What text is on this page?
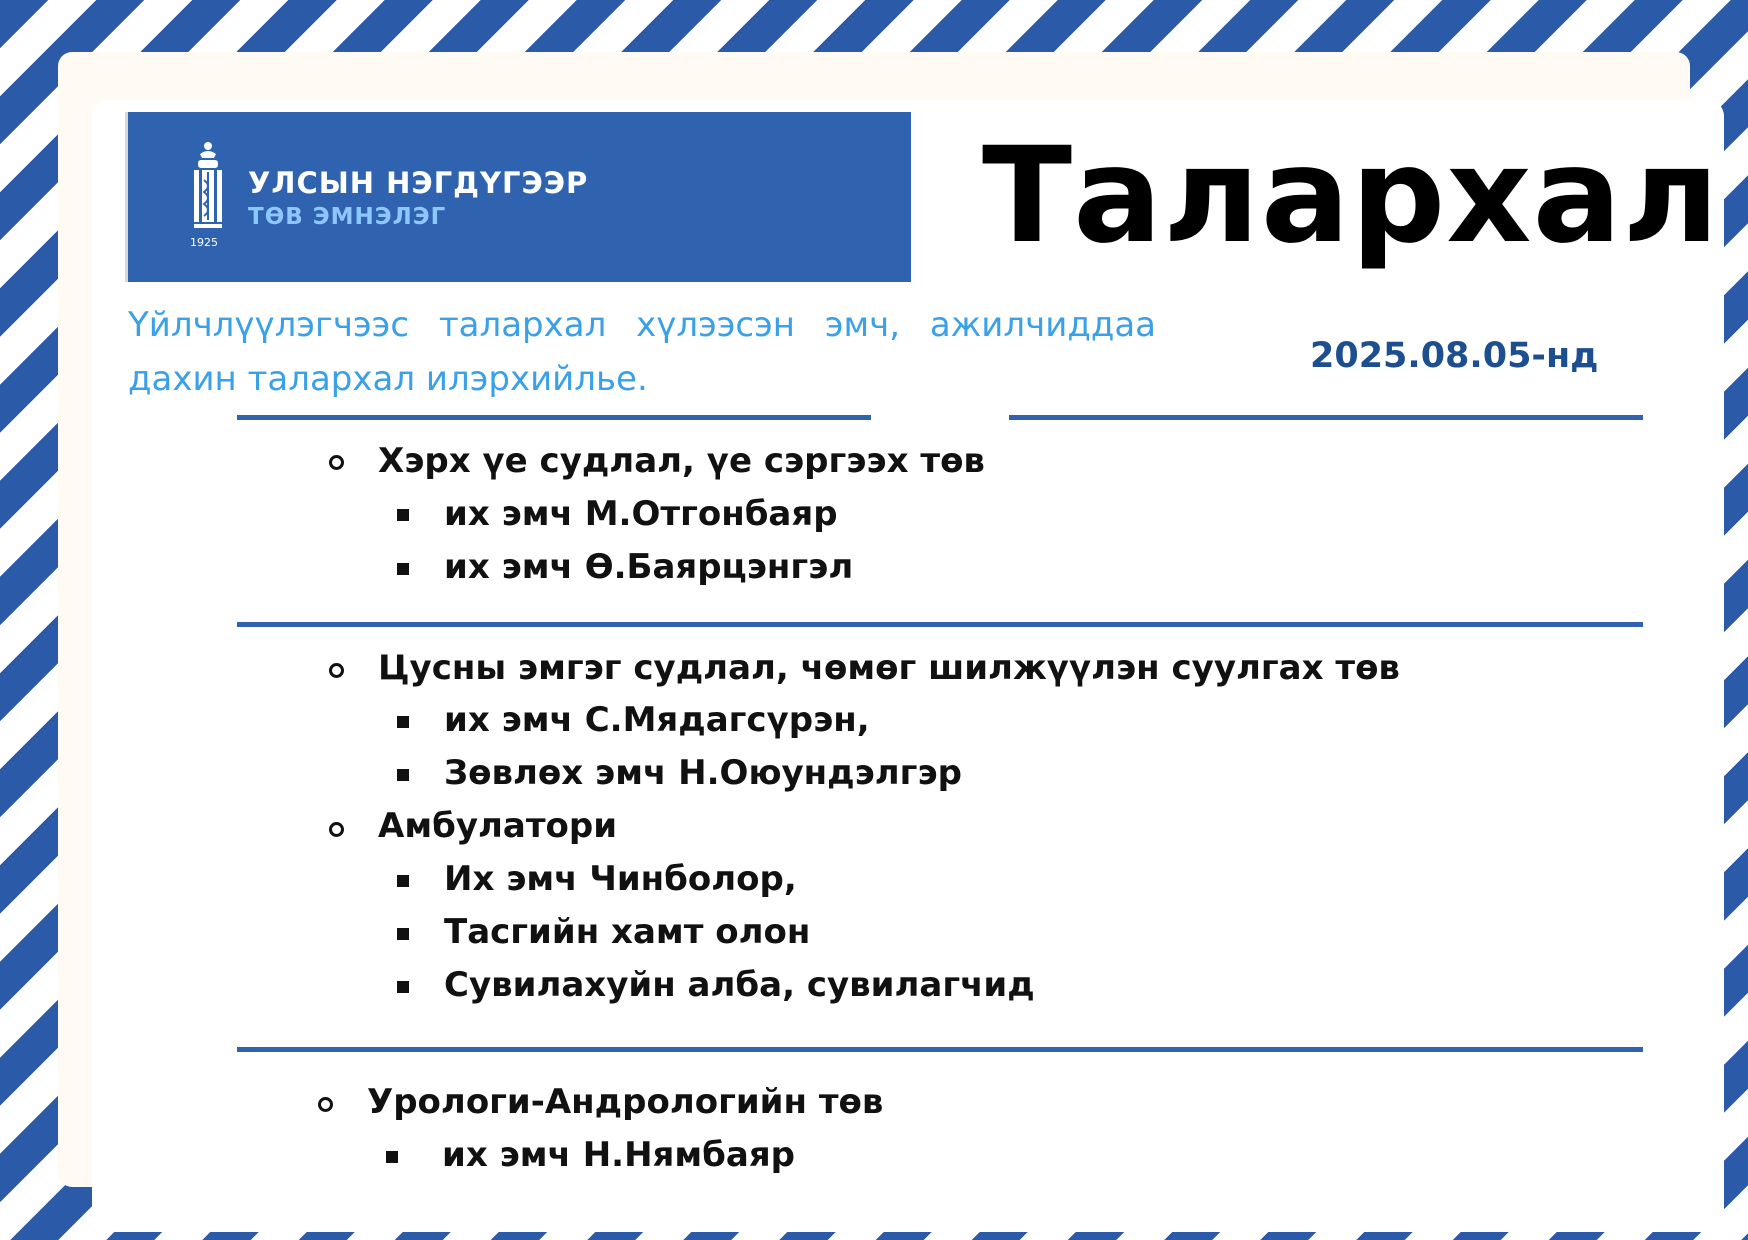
УЛСЫН НЭГДҮГЭЭР
ТӨВ ЭМНЭЛЭГ
1925	Талархал
Үйлчлүүлэгчээс талархал хүлээсэн эмч, ажилчиддаа дахин талархал илэрхийлье.
2025.08.05-нд
Хэрх үе судлал, үе сэргээх төв
их эмч М.Отгонбаяр
их эмч Ө.Баярцэнгэл
Цусны эмгэг судлал, чөмөг шилжүүлэн суулгах төв
их эмч С.Мядагсүрэн,
Зөвлөх эмч Н.Оюундэлгэр
Амбулатори
Их эмч Чинболор,
Тасгийн хамт олон
Сувилахуйн алба, сувилагчид
Урологи-Андрологийн төв
их эмч Н.Нямбаяр
